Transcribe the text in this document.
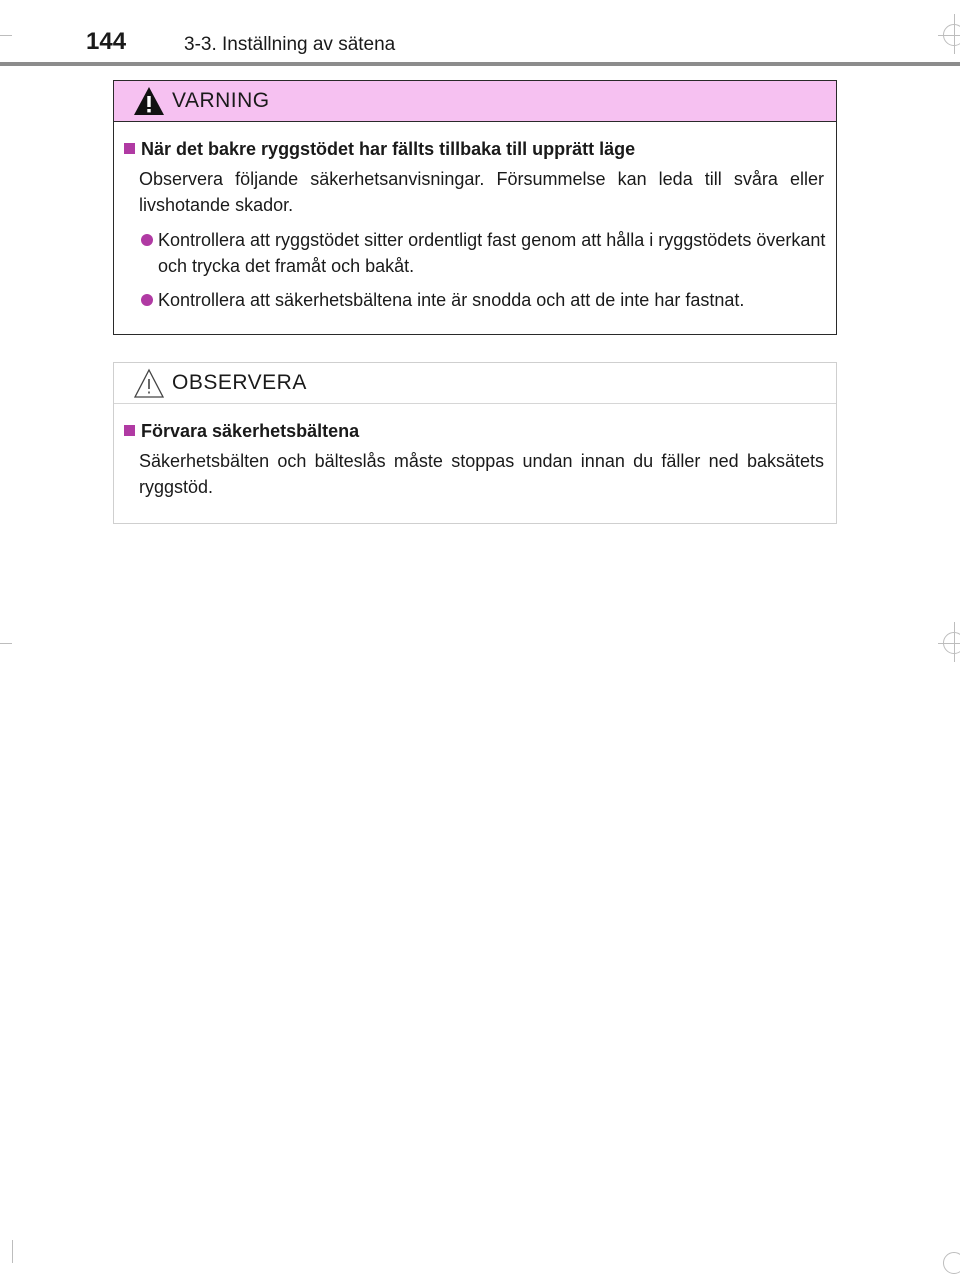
144	3-3. Inställning av sätena
VARNING
När det bakre ryggstödet har fällts tillbaka till upprätt läge
Observera följande säkerhetsanvisningar. Försummelse kan leda till svåra eller livshotande skador.
Kontrollera att ryggstödet sitter ordentligt fast genom att hålla i ryggstödets överkant och trycka det framåt och bakåt.
Kontrollera att säkerhetsbältena inte är snodda och att de inte har fastnat.
OBSERVERA
Förvara säkerhetsbältena
Säkerhetsbälten och bälteslås måste stoppas undan innan du fäller ned baksätets ryggstöd.
